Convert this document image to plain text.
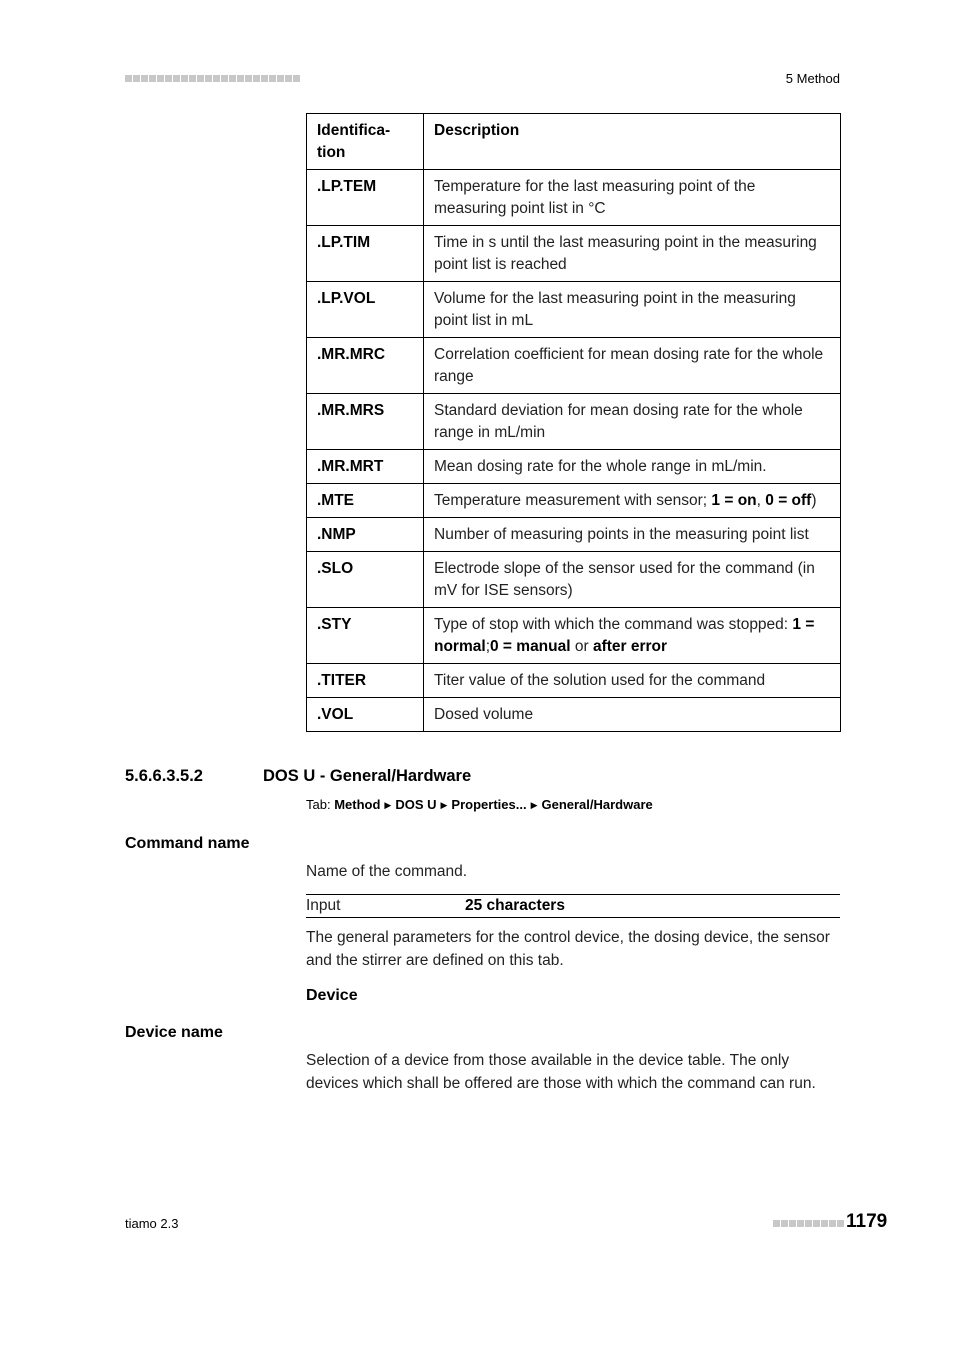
5 Method
Identifica-
tion	Description
.LP.TEM	Temperature for the last measuring point of the measuring point list in °C
.LP.TIM	Time in s until the last measuring point in the measuring point list is reached
.LP.VOL	Volume for the last measuring point in the measuring point list in mL
.MR.MRC	Correlation coefficient for mean dosing rate for the whole range
.MR.MRS	Standard deviation for mean dosing rate for the whole range in mL/min
.MR.MRT	Mean dosing rate for the whole range in mL/min.
.MTE	Temperature measurement with sensor; 1 = on, 0 = off)
.NMP	Number of measuring points in the measuring point list
.SLO	Electrode slope of the sensor used for the command (in mV for ISE sensors)
.STY	Type of stop with which the command was stopped: 1 = normal;0 = manual or after error
.TITER	Titer value of the solution used for the command
.VOL	Dosed volume
5.6.6.3.5.2	DOS U - General/Hardware
Tab: Method ▶ DOS U ▶ Properties... ▶ General/Hardware
Command name
Name of the command.
Input	25 characters
The general parameters for the control device, the dosing device, the sensor and the stirrer are defined on this tab.
Device
Device name
Selection of a device from those available in the device table. The only devices which shall be offered are those with which the command can run.
tiamo 2.3	1179
